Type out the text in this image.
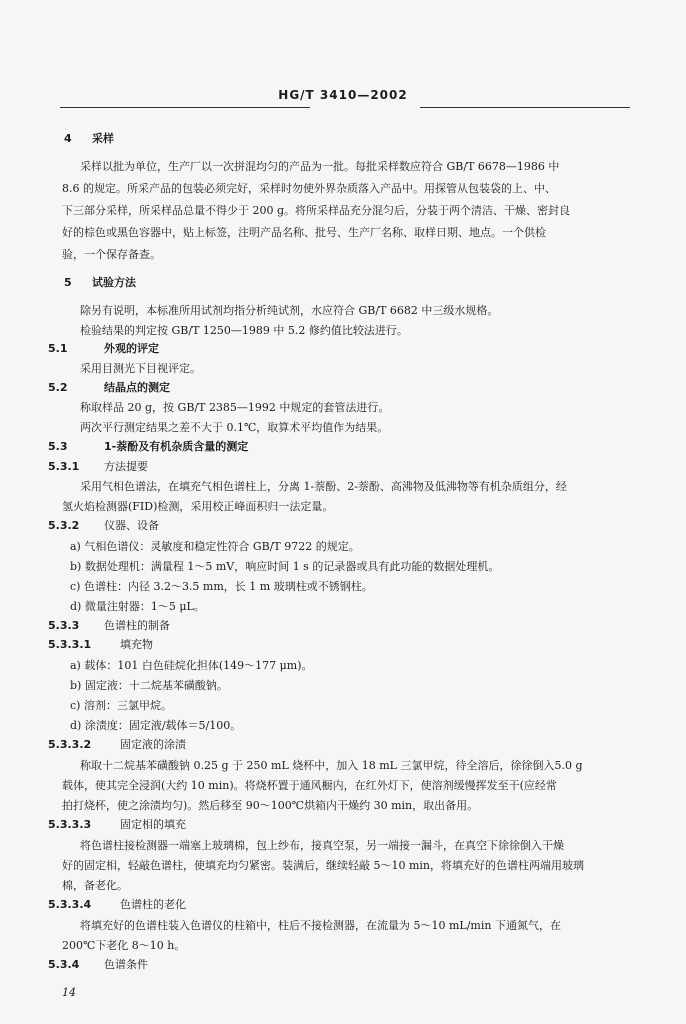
HG/T 3410—2002
4 采样
采样以批为单位，生产厂以一次拼混均匀的产品为一批。每批采样数应符合 GB/T 6678—1986 中
8.6 的规定。所采产品的包装必须完好，采样时勿使外界杂质落入产品中。用探管从包装袋的上、中、
下三部分采样，所采样品总量不得少于 200 g。将所采样品充分混匀后，分装于两个清洁、干燥、密封良
好的棕色或黑色容器中，贴上标签，注明产品名称、批号、生产厂名称、取样日期、地点。一个供检
验，一个保存备查。
5 试验方法
除另有说明，本标准所用试剂均指分析纯试剂，水应符合 GB/T 6682 中三级水规格。
检验结果的判定按 GB/T 1250—1989 中 5.2 修约值比较法进行。
5.1	外观的评定
采用目测光下目视评定。
5.2	结晶点的测定
称取样品 20 g，按 GB/T 2385—1992 中规定的套管法进行。
两次平行测定结果之差不大于 0.1℃，取算术平均值作为结果。
5.3	1-萘酚及有机杂质含量的测定
5.3.1 方法提要
采用气相色谱法，在填充气相色谱柱上，分离 1-萘酚、2-萘酚、高沸物及低沸物等有机杂质组分，经
氢火焰检测器(FID)检测，采用校正峰面积归一法定量。
5.3.2 仪器、设备
a) 气相色谱仪：灵敏度和稳定性符合 GB/T 9722 的规定。
b) 数据处理机：满量程 1～5 mV，响应时间 1 s 的记录器或具有此功能的数据处理机。
c) 色谱柱：内径 3.2～3.5 mm，长 1 m 玻璃柱或不锈钢柱。
d) 微量注射器：1～5 μL。
5.3.3 色谱柱的制备
5.3.3.1	填充物
a) 载体：101 白色硅烷化担体(149～177 μm)。
b) 固定液：十二烷基苯磺酸钠。
c) 溶剂：三氯甲烷。
d) 涂渍度：固定液/载体＝5/100。
5.3.3.2	固定液的涂渍
称取十二烷基苯磺酸钠 0.25 g 于 250 mL 烧杯中，加入 18 mL 三氯甲烷，待全溶后，徐徐倒入5.0 g
载体，使其完全浸润(大约 10 min)。将烧杯置于通风橱内，在红外灯下，使溶剂缓慢挥发至干(应经常
拍打烧杯，使之涂渍均匀)。然后移至 90～100℃烘箱内干燥约 30 min，取出备用。
5.3.3.3	固定相的填充
将色谱柱接检测器一端塞上玻璃棉，包上纱布，接真空泵，另一端接一漏斗，在真空下徐徐倒入干燥
好的固定相，轻敲色谱柱，使填充均匀紧密。装满后，继续轻敲 5～10 min，将填充好的色谱柱两端用玻璃
棉，备老化。
5.3.3.4	色谱柱的老化
将填充好的色谱柱装入色谱仪的柱箱中，柱后不接检测器，在流量为 5～10 mL/min 下通氮气，在
200℃下老化 8～10 h。
5.3.4 色谱条件
14
